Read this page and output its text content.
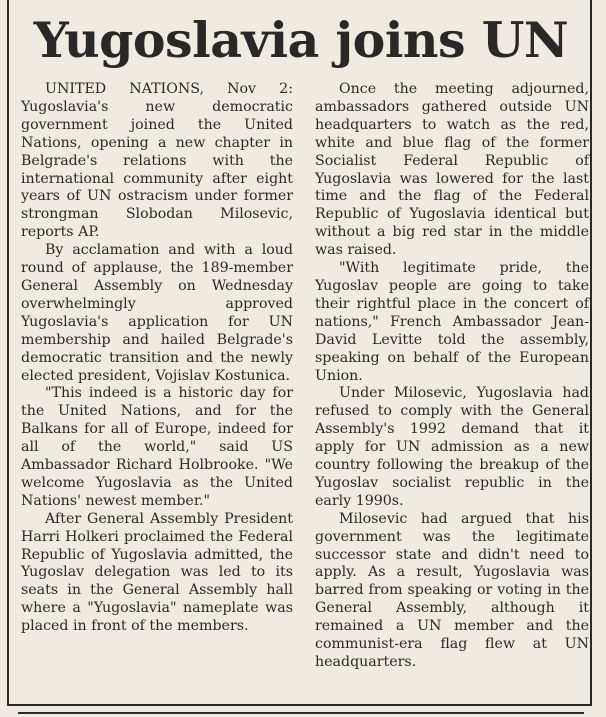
Yugoslavia joins UN

UNITED NATIONS, Nov 2: Yugoslavia's new democratic government joined the United Nations, opening a new chapter in Belgrade's relations with the international community after eight years of UN ostracism under former strongman Slobodan Milosevic, reports AP.

By acclamation and with a loud round of applause, the 189-member General Assembly on Wednesday overwhelmingly approved Yugoslavia's application for UN membership and hailed Belgrade's democratic transition and the newly elected president, Vojislav Kostunica.

"This indeed is a historic day for the United Nations, and for the Balkans for all of Europe, indeed for all of the world," said US Ambassador Richard Holbrooke. "We welcome Yugoslavia as the United Nations' newest member."

After General Assembly President Harri Holkeri proclaimed the Federal Republic of Yugoslavia admitted, the Yugoslav delegation was led to its seats in the General Assembly hall where a "Yugoslavia" nameplate was placed in front of the members.

Once the meeting adjourned, ambassadors gathered outside UN headquarters to watch as the red, white and blue flag of the former Socialist Federal Republic of Yugoslavia was lowered for the last time and the flag of the Federal Republic of Yugoslavia identical but without a big red star in the middle was raised.

"With legitimate pride, the Yugoslav people are going to take their rightful place in the concert of nations," French Ambassador Jean-David Levitte told the assembly, speaking on behalf of the European Union.

Under Milosevic, Yugoslavia had refused to comply with the General Assembly's 1992 demand that it apply for UN admission as a new country following the breakup of the Yugoslav socialist republic in the early 1990s.

Milosevic had argued that his government was the legitimate successor state and didn't need to apply. As a result, Yugoslavia was barred from speaking or voting in the General Assembly, although it remained a UN member and the communist-era flag flew at UN headquarters.
